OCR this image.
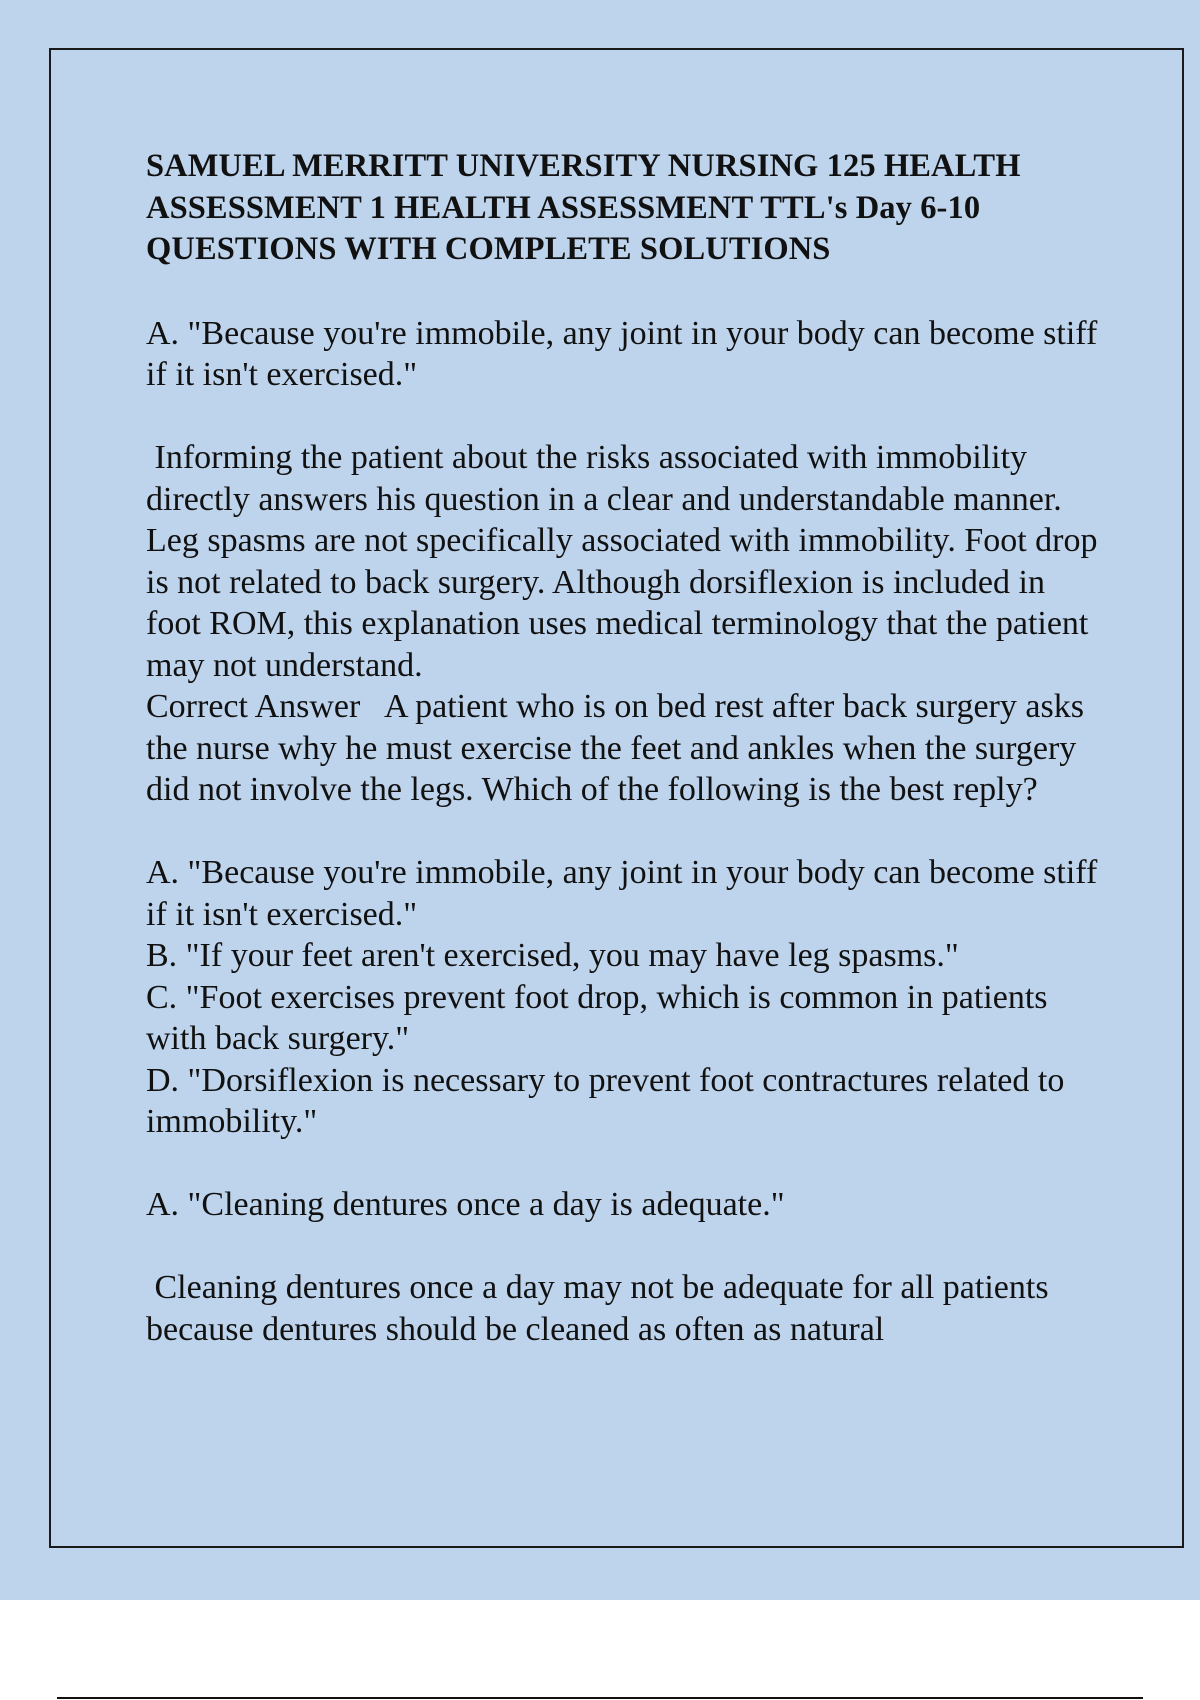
SAMUEL MERRITT UNIVERSITY NURSING 125 HEALTH ASSESSMENT 1 HEALTH ASSESSMENT TTL's Day 6-10 QUESTIONS WITH COMPLETE SOLUTIONS

A. "Because you're immobile, any joint in your body can become stiff if it isn't exercised."

Informing the patient about the risks associated with immobility directly answers his question in a clear and understandable manner. Leg spasms are not specifically associated with immobility. Foot drop is not related to back surgery. Although dorsiflexion is included in foot ROM, this explanation uses medical terminology that the patient may not understand.

Correct Answer   A patient who is on bed rest after back surgery asks the nurse why he must exercise the feet and ankles when the surgery did not involve the legs. Which of the following is the best reply?

A. "Because you're immobile, any joint in your body can become stiff if it isn't exercised."

B. "If your feet aren't exercised, you may have leg spasms."

C. "Foot exercises prevent foot drop, which is common in patients with back surgery."

D. "Dorsiflexion is necessary to prevent foot contractures related to immobility."

A. "Cleaning dentures once a day is adequate."

Cleaning dentures once a day may not be adequate for all patients because dentures should be cleaned as often as natural
